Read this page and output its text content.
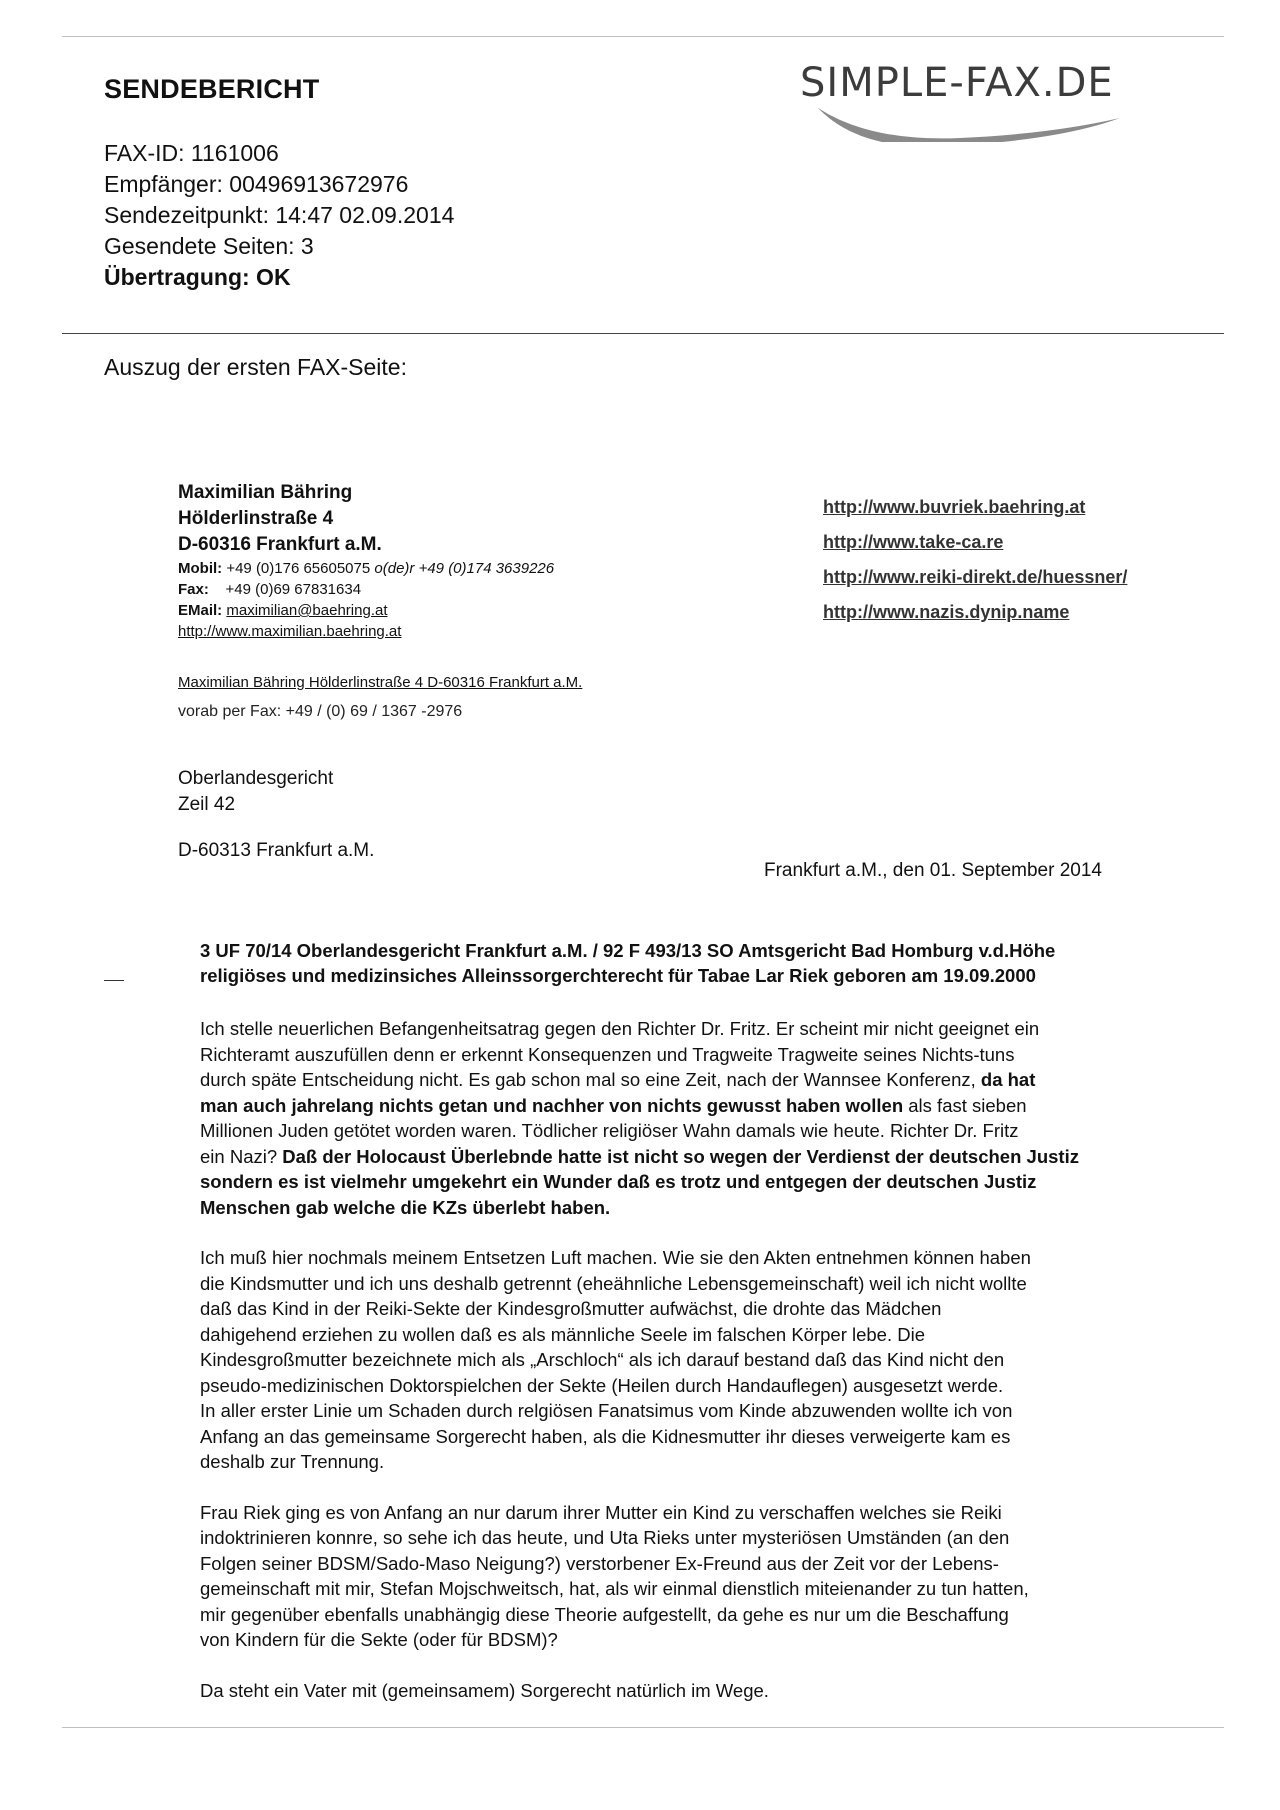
SENDEBERICHT
FAX-ID: 1161006
Empfänger: 00496913672976
Sendezeitpunkt: 14:47 02.09.2014
Gesendete Seiten: 3
Übertragung: OK
SIMPLE-FAX.DE
Auszug der ersten FAX-Seite:
Maximilian Bähring
Hölderlinstraße 4
D-60316 Frankfurt a.M.
Mobil: +49 (0)176 65605075 o(de)r +49 (0)174 3639226
Fax: +49 (0)69 67831634
EMail: maximilian@baehring.at
http://www.maximilian.baehring.at
http://www.buvriek.baehring.at
http://www.take-ca.re
http://www.reiki-direkt.de/huessner/
http://www.nazis.dynip.name
Maximilian Bähring Hölderlinstraße 4 D-60316 Frankfurt a.M.
vorab per Fax: +49 / (0) 69 / 1367 -2976
Oberlandesgericht
Zeil 42
D-60313 Frankfurt a.M.
Frankfurt a.M., den 01. September 2014
3 UF 70/14 Oberlandesgericht Frankfurt a.M. / 92 F 493/13 SO Amtsgericht Bad Homburg v.d.Höhe
religiöses und medizinsiches Alleinssorgerchterecht für Tabae Lar Riek geboren am 19.09.2000

Ich stelle neuerlichen Befangenheitsatrag gegen den Richter Dr. Fritz. Er scheint mir nicht geeignet ein
Richteramt auszufüllen denn er erkennt Konsequenzen und Tragweite Tragweite seines Nichts-tuns
durch späte Entscheidung nicht. Es gab schon mal so eine Zeit, nach der Wannsee Konferenz, da hat
man auch jahrelang nichts getan und nachher von nichts gewusst haben wollen als fast sieben
Millionen Juden getötet worden waren. Tödlicher religiöser Wahn damals wie heute. Richter Dr. Fritz
ein Nazi? Daß der Holocaust Überlebnde hatte ist nicht so wegen der Verdienst der deutschen Justiz
sondern es ist vielmehr umgekehrt ein Wunder daß es trotz und entgegen der deutschen Justiz
Menschen gab welche die KZs überlebt haben.

Ich muß hier nochmals meinem Entsetzen Luft machen. Wie sie den Akten entnehmen können haben
die Kindsmutter und ich uns deshalb getrennt (eheähnliche Lebensgemeinschaft) weil ich nicht wollte
daß das Kind in der Reiki-Sekte der Kindesgroßmutter aufwächst, die drohte das Mädchen
dahigehend erziehen zu wollen daß es als männliche Seele im falschen Körper lebe. Die
Kindesgroßmutter bezeichnete mich als „Arschloch“ als ich darauf bestand daß das Kind nicht den
pseudo-medizinischen Doktorspielchen der Sekte (Heilen durch Handauflegen) ausgesetzt werde.
In aller erster Linie um Schaden durch relgiösen Fanatsimus vom Kinde abzuwenden wollte ich von
Anfang an das gemeinsame Sorgerecht haben, als die Kidnesmutter ihr dieses verweigerte kam es
deshalb zur Trennung.

Frau Riek ging es von Anfang an nur darum ihrer Mutter ein Kind zu verschaffen welches sie Reiki
indoktrinieren konnre, so sehe ich das heute, und Uta Rieks unter mysteriösen Umständen (an den
Folgen seiner BDSM/Sado-Maso Neigung?) verstorbener Ex-Freund aus der Zeit vor der Lebens-
gemeinschaft mit mir, Stefan Mojschweitsch, hat, als wir einmal dienstlich miteienander zu tun hatten,
mir gegenüber ebenfalls unabhängig diese Theorie aufgestellt, da gehe es nur um die Beschaffung
von Kindern für die Sekte (oder für BDSM)?

Da steht ein Vater mit (gemeinsamem) Sorgerecht natürlich im Wege.
